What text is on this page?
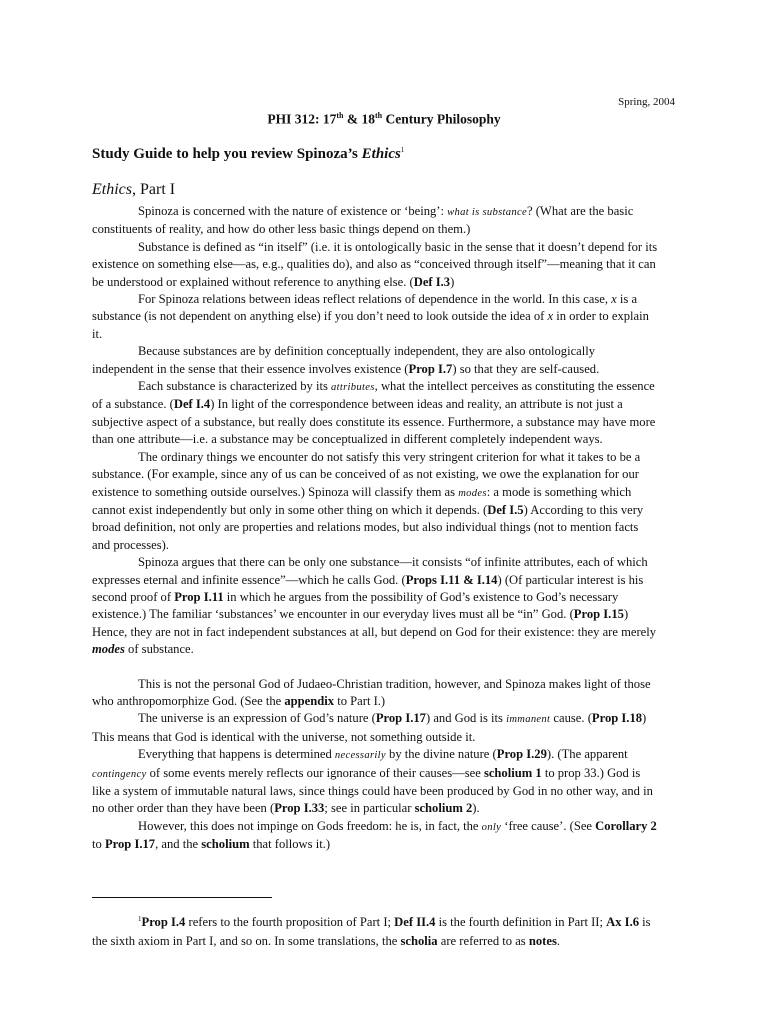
Spring, 2004
PHI 312: 17th & 18th Century Philosophy
Study Guide to help you review Spinoza’s Ethics$^1$
Ethics, Part I

Spinoza is concerned with the nature of existence or ‘being’: what is substance? (What are the basic constituents of reality, and how do other less basic things depend on them.)

Substance is defined as “in itself” (i.e. it is ontologically basic in the sense that it doesn’t depend for its existence on something else—as, e.g., qualities do), and also as “conceived through itself”—meaning that it can be understood or explained without reference to anything else. (Def I.3)

For Spinoza relations between ideas reflect relations of dependence in the world. In this case, x is a substance (is not dependent on anything else) if you don’t need to look outside the idea of x in order to explain it.

Because substances are by definition conceptually independent, they are also ontologically independent in the sense that their essence involves existence (Prop I.7) so that they are self-caused.

Each substance is characterized by its attributes, what the intellect perceives as constituting the essence of a substance. (Def I.4) In light of the correspondence between ideas and reality, an attribute is not just a subjective aspect of a substance, but really does constitute its essence. Furthermore, a substance may have more than one attribute—i.e. a substance may be conceptualized in different completely independent ways.

The ordinary things we encounter do not satisfy this very stringent criterion for what it takes to be a substance. (For example, since any of us can be conceived of as not existing, we owe the explanation for our existence to something outside ourselves.) Spinoza will classify them as modes: a mode is something which cannot exist independently but only in some other thing on which it depends. (Def I.5) According to this very broad definition, not only are properties and relations modes, but also individual things (not to mention facts and processes).

Spinoza argues that there can be only one substance—it consists “of infinite attributes, each of which expresses eternal and infinite essence”—which he calls God. (Props I.11 & I.14) (Of particular interest is his second proof of Prop I.11 in which he argues from the possibility of God’s existence to God’s necessary existence.) The familiar ‘substances’ we encounter in our everyday lives must all be “in” God. (Prop I.15) Hence, they are not in fact independent substances at all, but depend on God for their existence: they are merely modes of substance.

This is not the personal God of Judaeo-Christian tradition, however, and Spinoza makes light of those who anthropomorphize God. (See the appendix to Part I.)

The universe is an expression of God’s nature (Prop I.17) and God is its immanent cause. (Prop I.18) This means that God is identical with the universe, not something outside it.

Everything that happens is determined necessarily by the divine nature (Prop I.29). (The apparent contingency of some events merely reflects our ignorance of their causes—see scholium 1 to prop 33.) God is like a system of immutable natural laws, since things could have been produced by God in no other way, and in no other order than they have been (Prop I.33; see in particular scholium 2).

However, this does not impinge on Gods freedom: he is, in fact, the only ‘free cause’. (See Corollary 2 to Prop I.17, and the scholium that follows it.)

$^1$Prop I.4 refers to the fourth proposition of Part I; Def II.4 is the fourth definition in Part II; Ax I.6 is the sixth axiom in Part I, and so on. In some translations, the scholia are referred to as notes.
